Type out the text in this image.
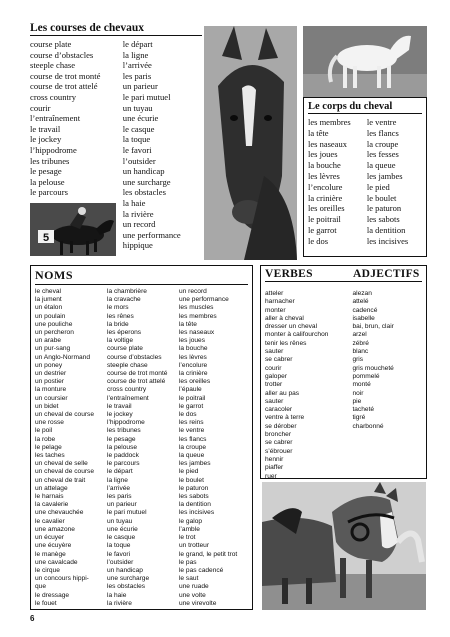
Les courses de chevaux
course plate
course d’obstacles
steeple chase
course de trot monté
course de trot attelé
cross country
courir
l’entraînement
le travail
le jockey
l’hippodrome
les tribunes
le pesage
la pelouse
le parcours
le départ
la ligne
l’arrivée
les paris
un parieur
le pari mutuel
un tuyau
une écurie
le casque
la toque
le favori
l’outsider
un handicap
une surcharge
les obstacles
la haie
la rivière
un record
une performance
hippique
5
Le corps du cheval
les membres
la tête
les naseaux
les joues
la bouche
les lèvres
l’encolure
la crinière
les oreilles
le poitrail
le garrot
le dos
le ventre
les flancs
la croupe
les fesses
la queue
les jambes
le pied
le boulet
le paturon
les sabots
la dentition
les incisives
NOMS
le cheval
la jument
un étalon
un poulain
une pouliche
un percheron
un arabe
un pur-sang
un Anglo-Normand
un poney
un destrier
un postier
la monture
un coursier
un bidet
un cheval de course
une rosse
le poil
la robe
le pelage
les taches
un cheval de selle
un cheval de course
un cheval de trait
un attelage
le harnais
la cavalerie
une chevauchée
le cavalier
une amazone
un écuyer
une écuyère
le manège
une cavalcade
le cirque
un concours hippi-
que
le dressage
le fouet
la chambrière
la cravache
le mors
les rênes
la bride
les éperons
la voltige
course plate
course d’obstacles
steeple chase
course de trot monté
course de trot attelé
cross country
l’entraînement
le travail
le jockey
l’hippodrome
les tribunes
le pesage
la pelouse
le paddock
le parcours
le départ
la ligne
l’arrivée
les paris
un parieur
le pari mutuel
un tuyau
une écurie
le casque
la toque
le favori
l’outsider
un handicap
une surcharge
les obstacles
la haie
la rivière
un record
une performance
les muscles
les membres
la tête
les naseaux
les joues
la bouche
les lèvres
l’encolure
la crinière
les oreilles
l’épaule
le poitrail
le garrot
le dos
les reins
le ventre
les flancs
la croupe
la queue
les jambes
le pied
le boulet
le paturon
les sabots
la dentition
les incisives
le galop
l’amble
le trot
un trotteur
le grand, le petit trot
le pas
le pas cadencé
le saut
une ruade
une volte
une virevolte
VERBES	ADJECTIFS
atteler
harnacher
monter
aller à cheval
dresser un cheval
monter à califourchon
tenir les rênes
sauter
se cabrer
courir
galoper
trotter
aller au pas
sauter
caracoler
ventre à terre
se dérober
broncher
se cabrer
s’ébrouer
hennir
piaffer
ruer
alezan
attelé
cadencé
isabelle
bai, brun, clair
arzel
zébré
blanc
gris
gris moucheté
pommelé
monté
noir
pie
tacheté
tigré
charbonné
6
